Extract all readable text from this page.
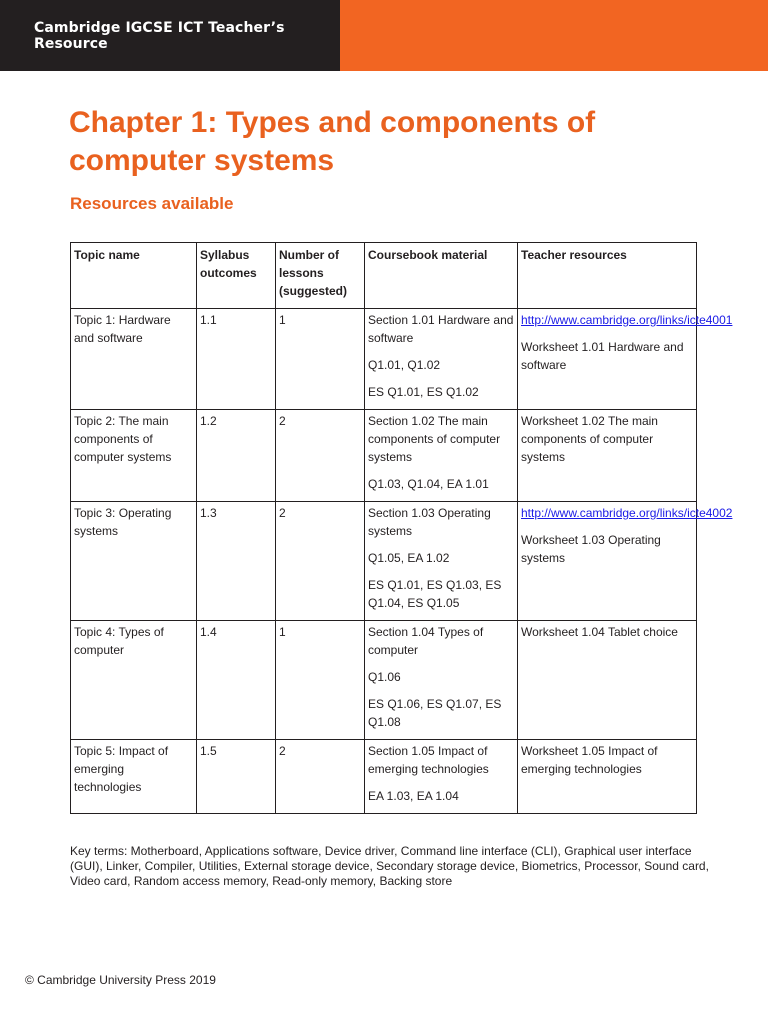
Cambridge IGCSE ICT Teacher’s Resource
Chapter 1: Types and components of computer systems
Resources available
Topic name	Syllabus outcomes	Number of lessons (suggested)	Coursebook material	Teacher resources
Topic 1: Hardware and software	1.1	1	Section 1.01 Hardware and software
Q1.01, Q1.02
ES Q1.01, ES Q1.02	http://www.cambridge.org/links/icte4001
Worksheet 1.01 Hardware and software

Topic 2: The main components of computer systems	1.2	2	Section 1.02 The main components of computer systems
Q1.03, Q1.04, EA 1.01	Worksheet 1.02 The main components of computer systems

Topic 3: Operating systems	1.3	2	Section 1.03 Operating systems
Q1.05, EA 1.02
ES Q1.01, ES Q1.03, ES Q1.04, ES Q1.05	http://www.cambridge.org/links/icte4002
Worksheet 1.03 Operating systems

Topic 4: Types of computer	1.4	1	Section 1.04 Types of computer
Q1.06
ES Q1.06, ES Q1.07, ES Q1.08	Worksheet 1.04 Tablet choice

Topic 5: Impact of emerging technologies	1.5	2	Section 1.05 Impact of emerging technologies
EA 1.03, EA 1.04	Worksheet 1.05 Impact of emerging technologies

Key terms: Motherboard, Applications software, Device driver, Command line interface (CLI), Graphical user interface (GUI), Linker, Compiler, Utilities, External storage device, Secondary storage device, Biometrics, Processor, Sound card, Video card, Random access memory, Read-only memory, Backing store

© Cambridge University Press 2019
